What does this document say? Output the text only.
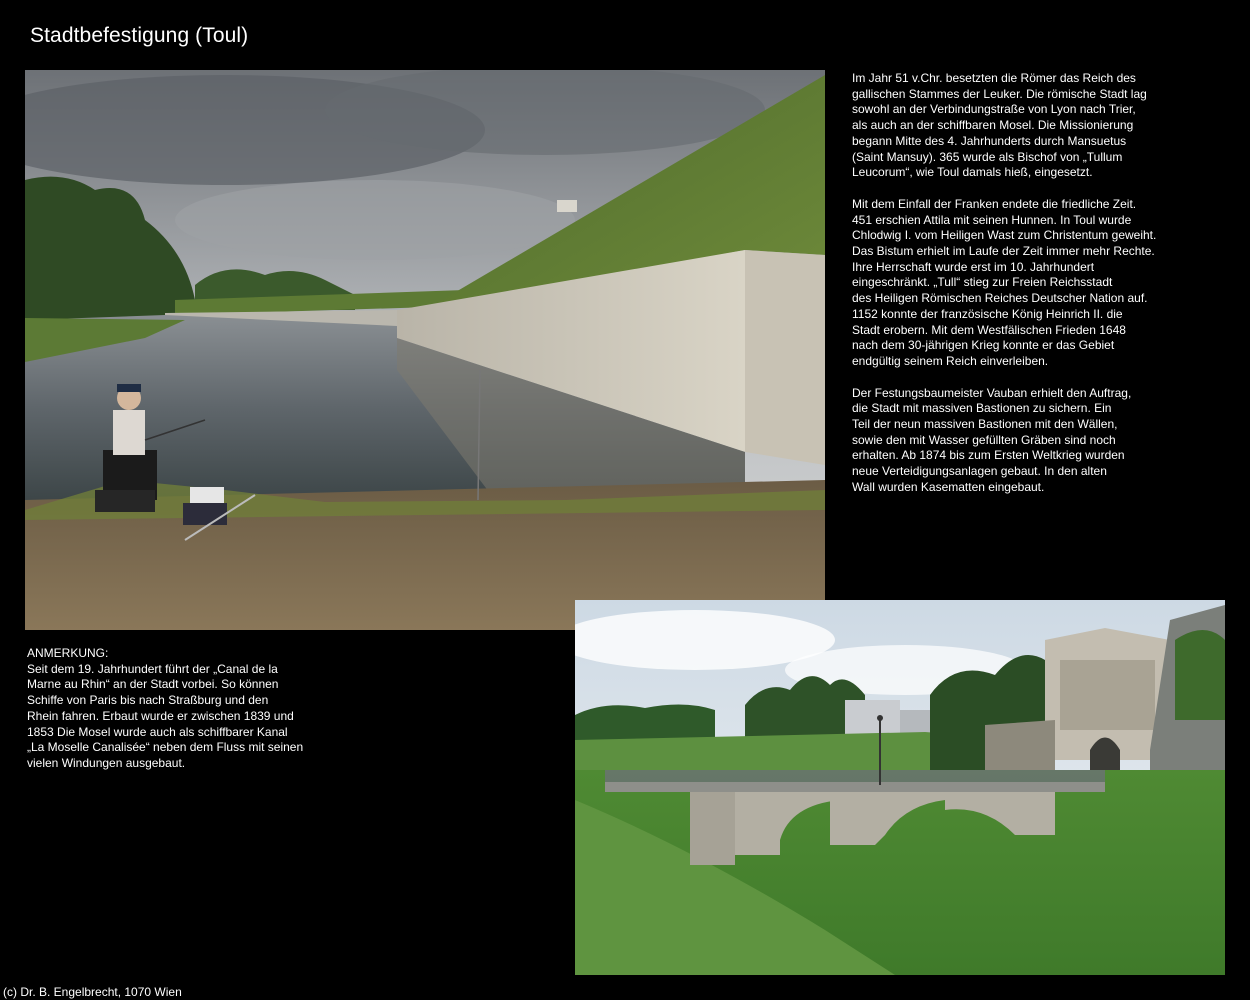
Stadtbefestigung (Toul)

Im Jahr 51 v.Chr. besetzten die Römer das Reich des
gallischen Stammes der Leuker. Die römische Stadt lag
sowohl an der Verbindungstraße von Lyon nach Trier,
als auch an der schiffbaren Mosel. Die Missionierung
begann Mitte des 4. Jahrhunderts durch Mansuetus
(Saint Mansuy). 365 wurde als Bischof von „Tullum
Leucorum“, wie Toul damals hieß, eingesetzt.

Mit dem Einfall der Franken endete die friedliche Zeit.
451 erschien Attila mit seinen Hunnen. In Toul wurde
Chlodwig I. vom Heiligen Wast zum Christentum geweiht.
Das Bistum erhielt im Laufe der Zeit immer mehr Rechte.
Ihre Herrschaft wurde erst im 10. Jahrhundert
eingeschränkt. „Tull“ stieg zur Freien Reichsstadt
des Heiligen Römischen Reiches Deutscher Nation auf.
1152 konnte der französische König Heinrich II. die
Stadt erobern. Mit dem Westfälischen Frieden 1648
nach dem 30-jährigen Krieg konnte er das Gebiet
endgültig seinem Reich einverleiben.

Der Festungsbaumeister Vauban erhielt den Auftrag,
die Stadt mit massiven Bastionen zu sichern. Ein
Teil der neun massiven Bastionen mit den Wällen,
sowie den mit Wasser gefüllten Gräben sind noch
erhalten. Ab 1874 bis zum Ersten Weltkrieg wurden
neue Verteidigungsanlagen gebaut. In den alten
Wall wurden Kasematten eingebaut.

ANMERKUNG:
Seit dem 19. Jahrhundert führt der „Canal de la
Marne au Rhin“ an der Stadt vorbei. So können
Schiffe von Paris bis nach Straßburg und den
Rhein fahren. Erbaut wurde er zwischen 1839 und
1853 Die Mosel wurde auch als schiffbarer Kanal
„La Moselle Canalisée“ neben dem Fluss mit seinen
vielen Windungen ausgebaut.
(c) Dr. B. Engelbrecht, 1070 Wien
